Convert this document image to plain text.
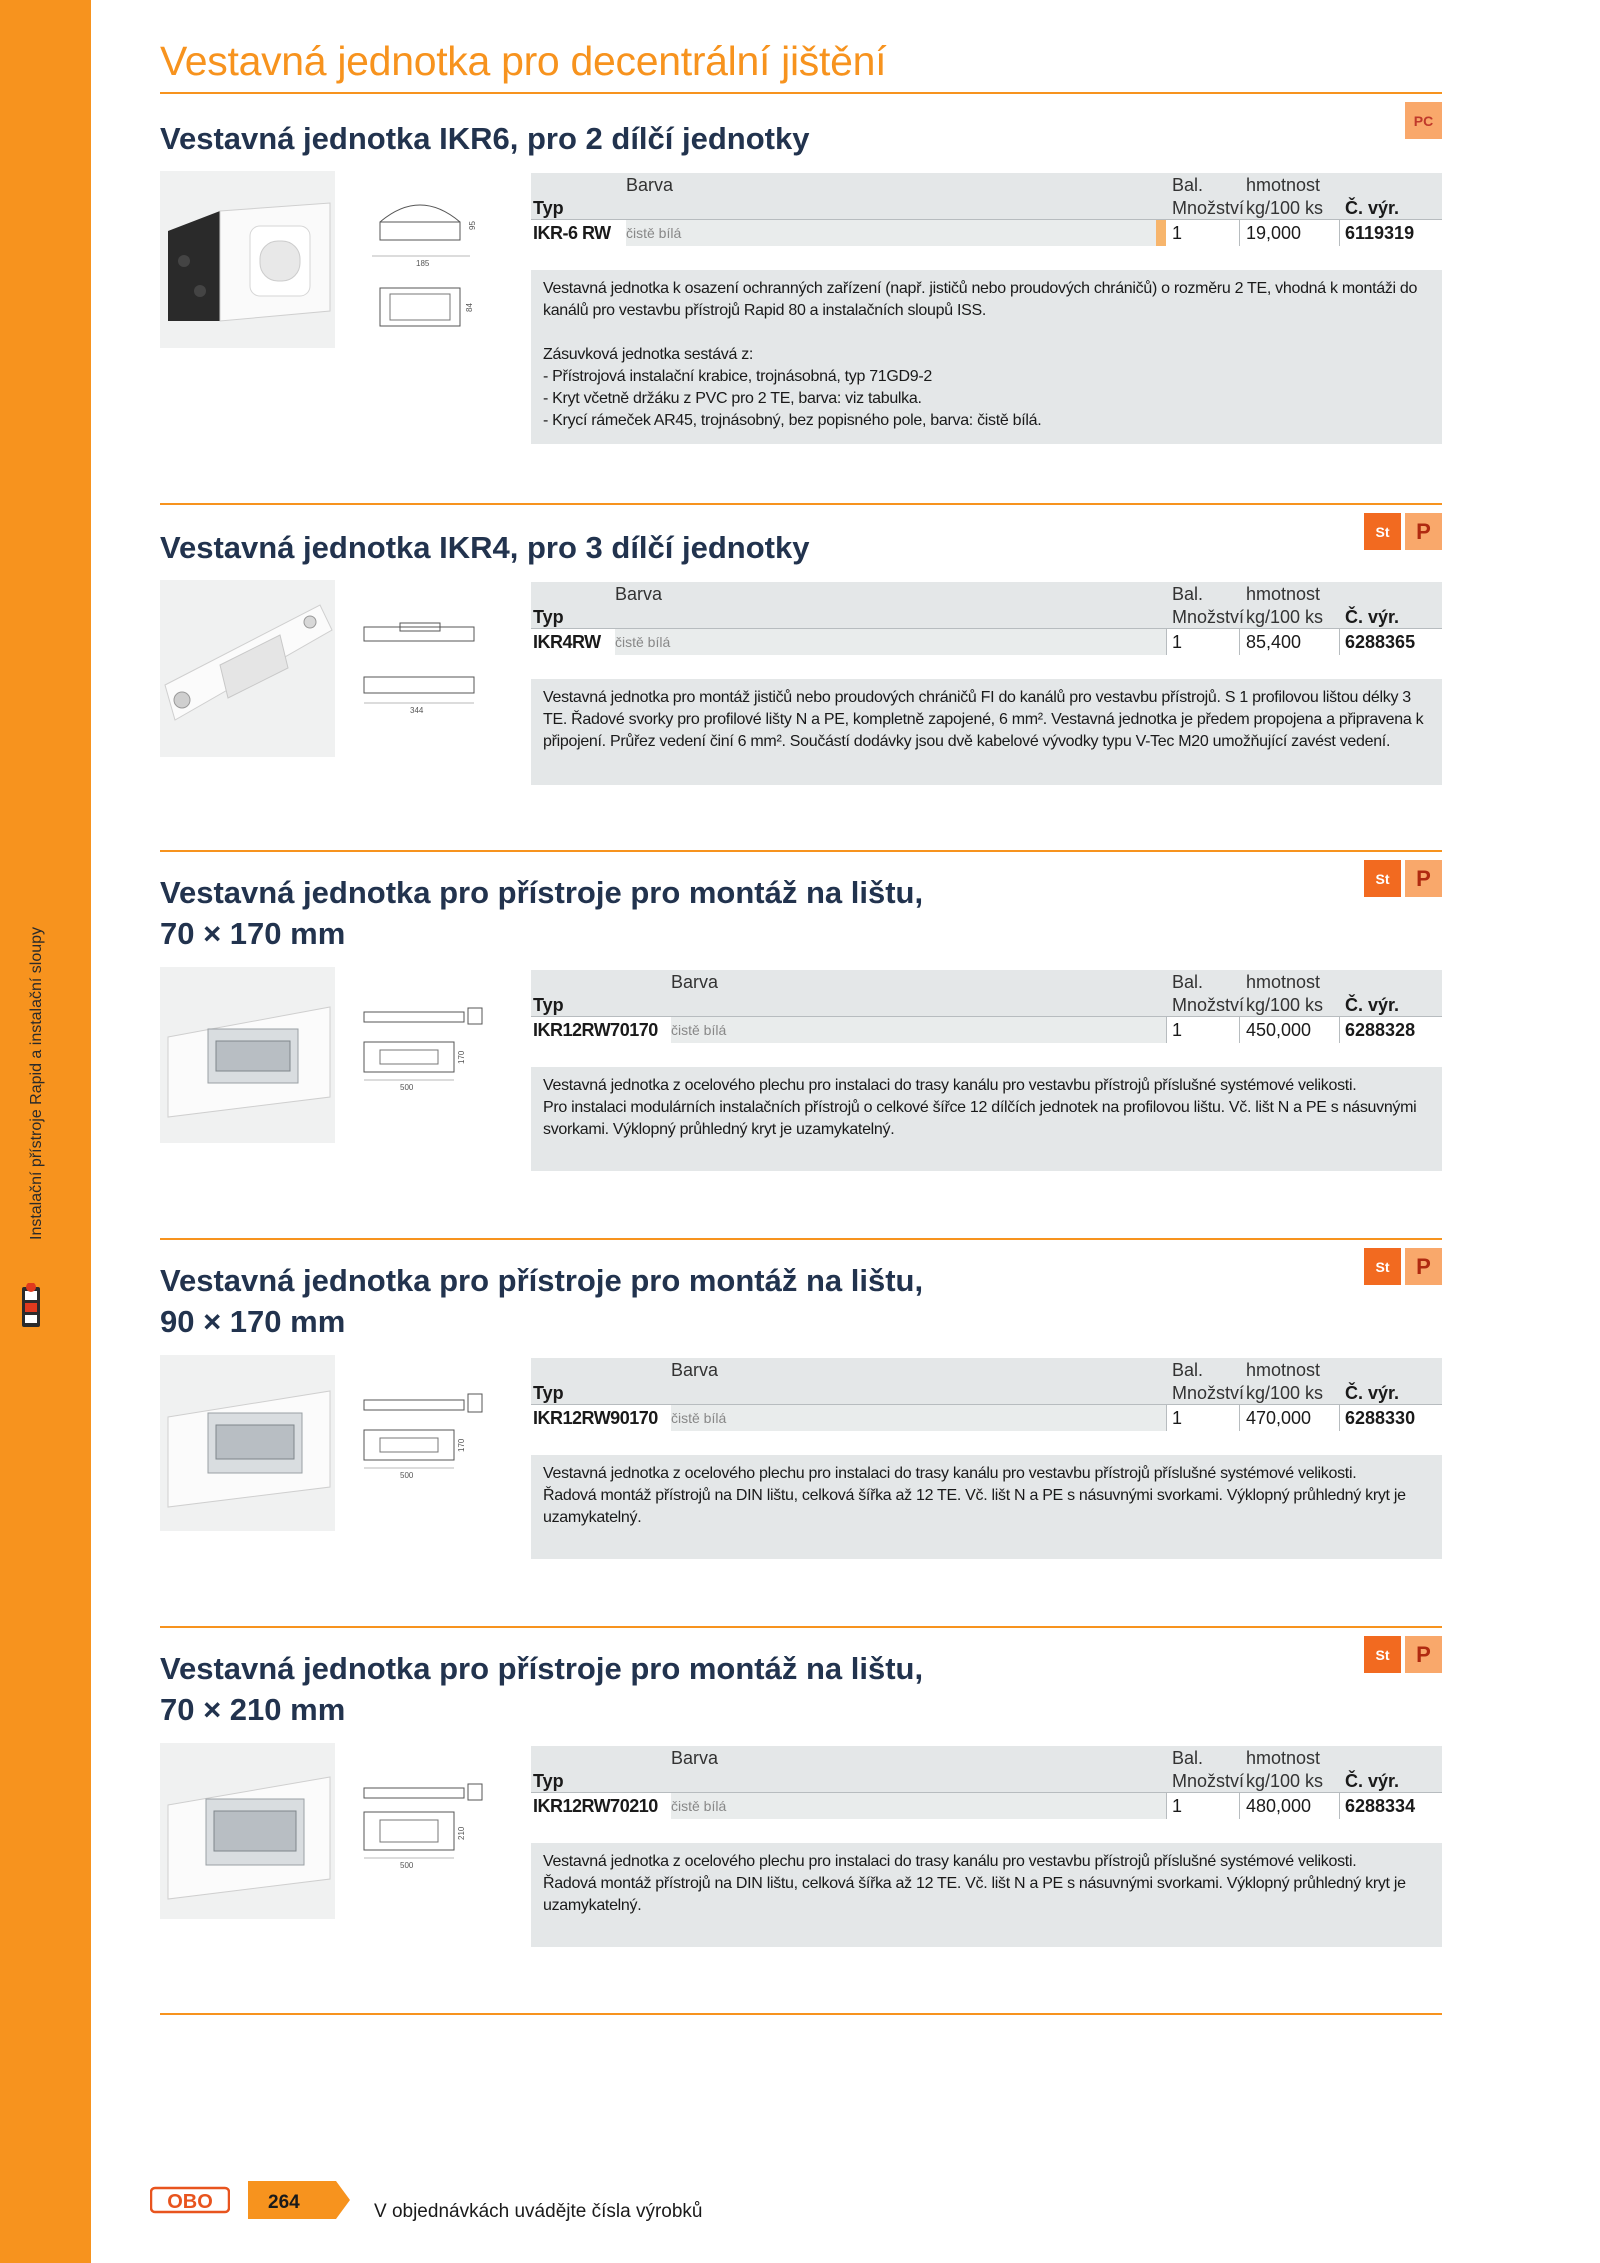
Instalační přístroje Rapid a instalační sloupy
Vestavná jednotka pro decentrální jištění
Vestavná jednotka IKR6, pro 2 dílčí jednotky
PC
185
95
84
Barva	Bal. hmotnost
Typ	Množství kg/100 ks Č. výr.
IKR-6 RW čistě bílá	1	19,000 6119319

Vestavná jednotka k osazení ochranných zařízení (např. jističů nebo proudových chráničů) o rozměru 2 TE, vhodná k montáži do kanálů pro vestavbu přístrojů Rapid 80 a instalačních sloupů ISS.

Zásuvková jednotka sestává z:

- Přístrojová instalační krabice, trojnásobná, typ 71GD9-2

- Kryt včetně držáku z PVC pro 2 TE, barva: viz tabulka.

- Krycí rámeček AR45, trojnásobný, bez popisného pole, barva: čistě bílá.

Vestavná jednotka IKR4, pro 3 dílčí jednotky	St	P
344
Barva	Bal. hmotnost
Typ	Množství kg/100 ks Č. výr.
IKR4RW čistě bílá	1	85,400 6288365

Vestavná jednotka pro montáž jističů nebo proudových chráničů FI do kanálů pro vestavbu přístrojů. S 1 profilovou lištou délky 3 TE. Řadové svorky pro profilové lišty N a PE, kompletně zapojené, 6 mm². Vestavná jednotka je předem propojena a připravena k připojení. Průřez vedení činí 6 mm². Součástí dodávky jsou dvě kabelové vývodky typu V-Tec M20 umožňující zavést vedení.

Vestavná jednotka pro přístroje pro montáž na lištu,
70 × 170 mm
St	P
500
170
Barva	Bal. hmotnost
Typ	Množství kg/100 ks Č. výr.
IKR12RW70170 čistě bílá	1	450,000 6288328

Vestavná jednotka z ocelového plechu pro instalaci do trasy kanálu pro vestavbu přístrojů příslušné systémové velikosti.

Pro instalaci modulárních instalačních přístrojů o celkové šířce 12 dílčích jednotek na profilovou lištu. Vč. lišt N a PE s násuvnými svorkami. Výklopný průhledný kryt je uzamykatelný.

Vestavná jednotka pro přístroje pro montáž na lištu,
90 × 170 mm
St	P
500
170
Barva	Bal. hmotnost
Typ	Množství kg/100 ks Č. výr.
IKR12RW90170 čistě bílá	1	470,000 6288330

Vestavná jednotka z ocelového plechu pro instalaci do trasy kanálu pro vestavbu přístrojů příslušné systémové velikosti.

Řadová montáž přístrojů na DIN lištu, celková šířka až 12 TE. Vč. lišt N a PE s násuvnými svorkami. Výklopný průhledný kryt je uzamykatelný.

Vestavná jednotka pro přístroje pro montáž na lištu,
70 × 210 mm
St	P
500
210
Barva	Bal. hmotnost
Typ	Množství kg/100 ks Č. výr.
IKR12RW70210 čistě bílá	1	480,000 6288334

Vestavná jednotka z ocelového plechu pro instalaci do trasy kanálu pro vestavbu přístrojů příslušné systémové velikosti.

Řadová montáž přístrojů na DIN lištu, celková šířka až 12 TE. Vč. lišt N a PE s násuvnými svorkami. Výklopný průhledný kryt je uzamykatelný.

OBO	264	V objednávkách uvádějte čísla výrobků
